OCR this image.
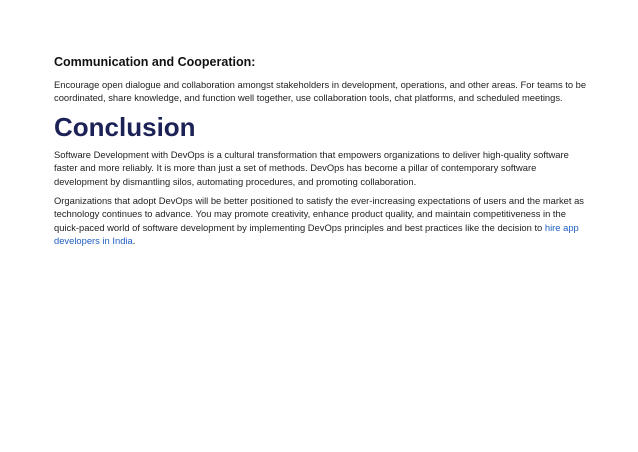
Communication and Cooperation:

Encourage open dialogue and collaboration amongst stakeholders in development, operations, and other areas. For teams to be coordinated, share knowledge, and function well together, use collaboration tools, chat platforms, and scheduled meetings.

Conclusion

Software Development with DevOps is a cultural transformation that empowers organizations to deliver high-quality software faster and more reliably. It is more than just a set of methods. DevOps has become a pillar of contemporary software development by dismantling silos, automating procedures, and promoting collaboration.

Organizations that adopt DevOps will be better positioned to satisfy the ever-increasing expectations of users and the market as technology continues to advance. You may promote creativity, enhance product quality, and maintain competitiveness in the quick-paced world of software development by implementing DevOps principles and best practices like the decision to hire app developers in India.
